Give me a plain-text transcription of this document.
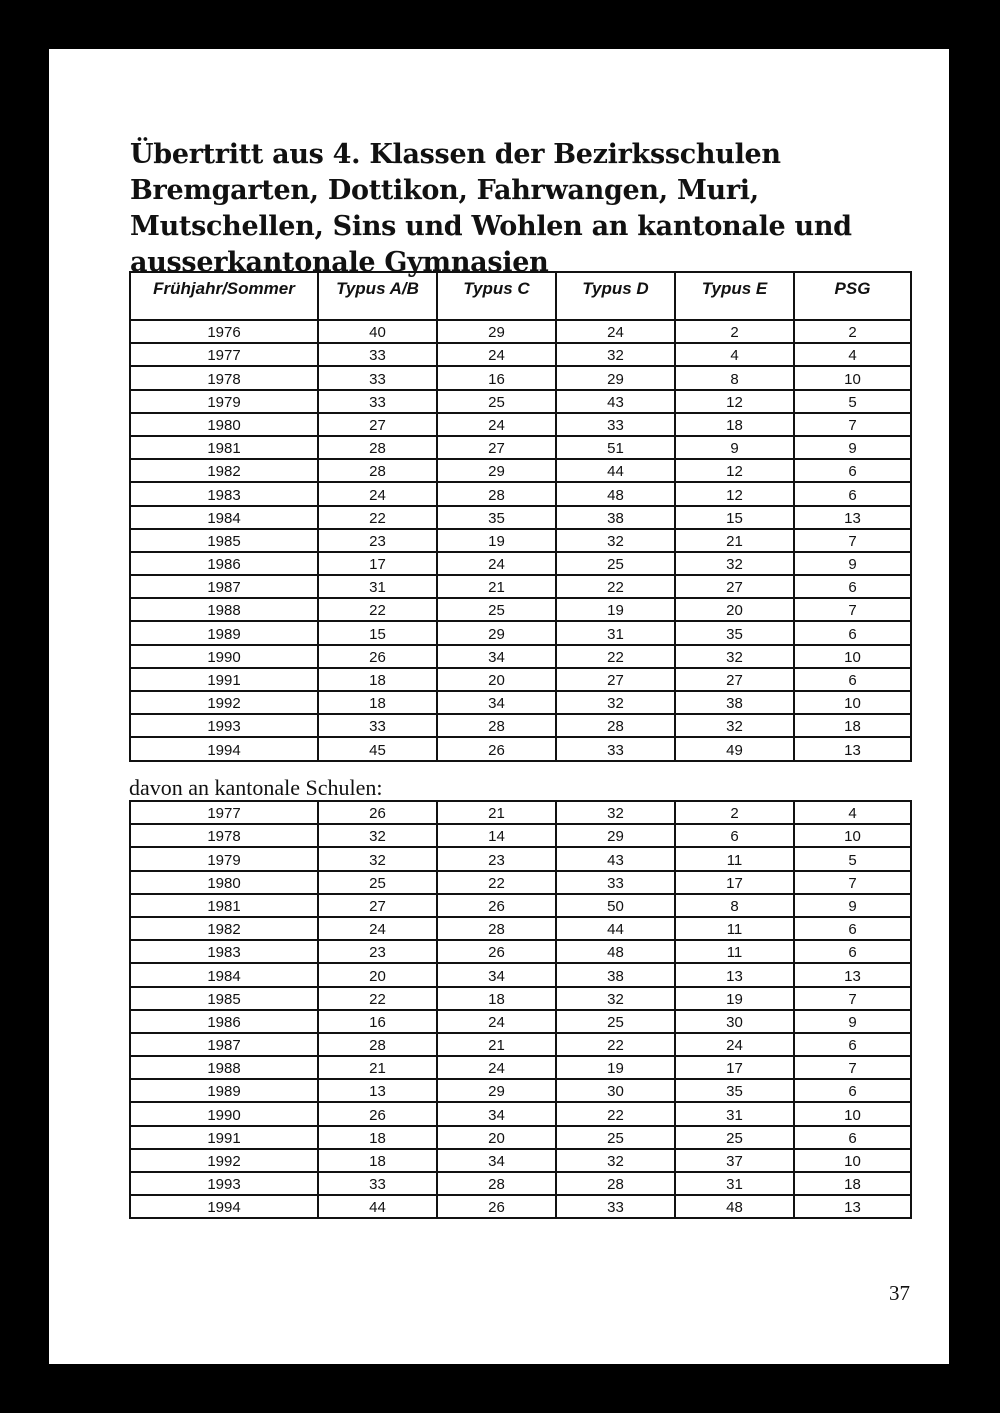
Übertritt aus 4. Klassen der Bezirksschulen Bremgarten, Dottikon, Fahrwangen, Muri, Mutschellen, Sins und Wohlen an kantonale und ausserkantonale Gymnasien
Frühjahr/Sommer	Typus A/B	Typus C	Typus D	Typus E	PSG
1976	40	29	24	2	2
1977	33	24	32	4	4
1978	33	16	29	8	10
1979	33	25	43	12	5
1980	27	24	33	18	7
1981	28	27	51	9	9
1982	28	29	44	12	6
1983	24	28	48	12	6
1984	22	35	38	15	13
1985	23	19	32	21	7
1986	17	24	25	32	9
1987	31	21	22	27	6
1988	22	25	19	20	7
1989	15	29	31	35	6
1990	26	34	22	32	10
1991	18	20	27	27	6
1992	18	34	32	38	10
1993	33	28	28	32	18
1994	45	26	33	49	13

davon an kantonale Schulen:

1977	26	21	32	2	4
1978	32	14	29	6	10
1979	32	23	43	11	5
1980	25	22	33	17	7
1981	27	26	50	8	9
1982	24	28	44	11	6
1983	23	26	48	11	6
1984	20	34	38	13	13
1985	22	18	32	19	7
1986	16	24	25	30	9
1987	28	21	22	24	6
1988	21	24	19	17	7
1989	13	29	30	35	6
1990	26	34	22	31	10
1991	18	20	25	25	6
1992	18	34	32	37	10
1993	33	28	28	31	18
1994	44	26	33	48	13
37
